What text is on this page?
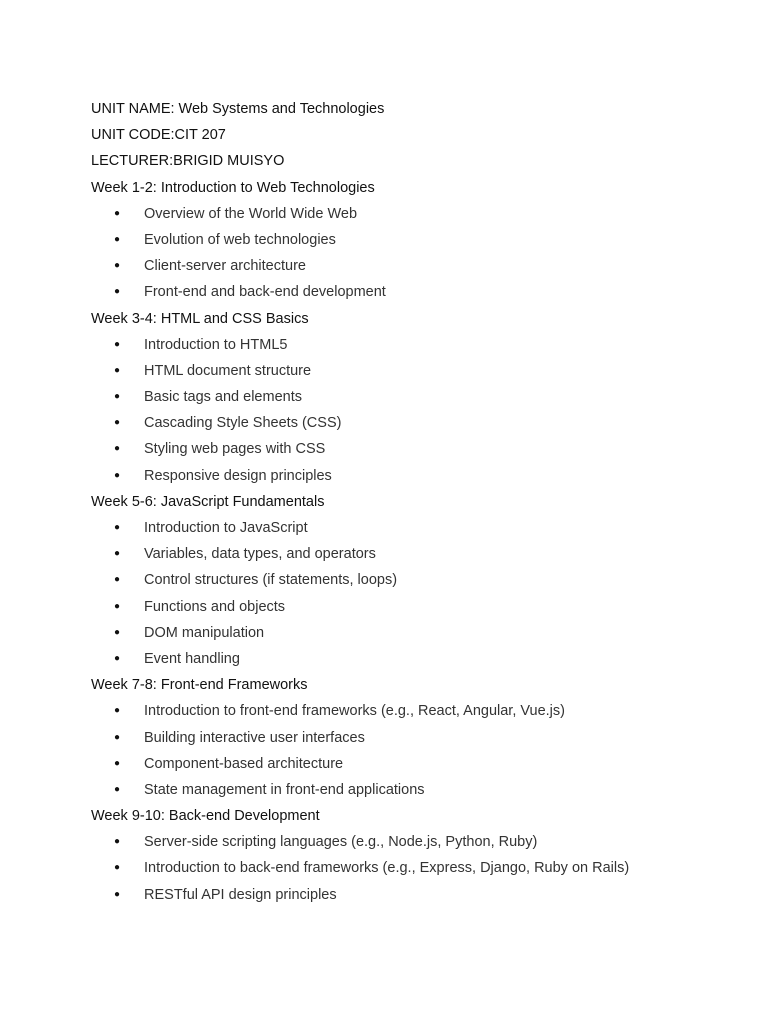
UNIT NAME: Web Systems and Technologies
UNIT CODE:CIT 207
LECTURER:BRIGID MUISYO
Week 1-2: Introduction to Web Technologies
● Overview of the World Wide Web
● Evolution of web technologies
● Client-server architecture
● Front-end and back-end development
Week 3-4: HTML and CSS Basics
● Introduction to HTML5
● HTML document structure
● Basic tags and elements
● Cascading Style Sheets (CSS)
● Styling web pages with CSS
● Responsive design principles
Week 5-6: JavaScript Fundamentals
● Introduction to JavaScript
● Variables, data types, and operators
● Control structures (if statements, loops)
● Functions and objects
● DOM manipulation
● Event handling
Week 7-8: Front-end Frameworks
● Introduction to front-end frameworks (e.g., React, Angular, Vue.js)
● Building interactive user interfaces
● Component-based architecture
● State management in front-end applications
Week 9-10: Back-end Development
● Server-side scripting languages (e.g., Node.js, Python, Ruby)
● Introduction to back-end frameworks (e.g., Express, Django, Ruby on Rails)
● RESTful API design principles
